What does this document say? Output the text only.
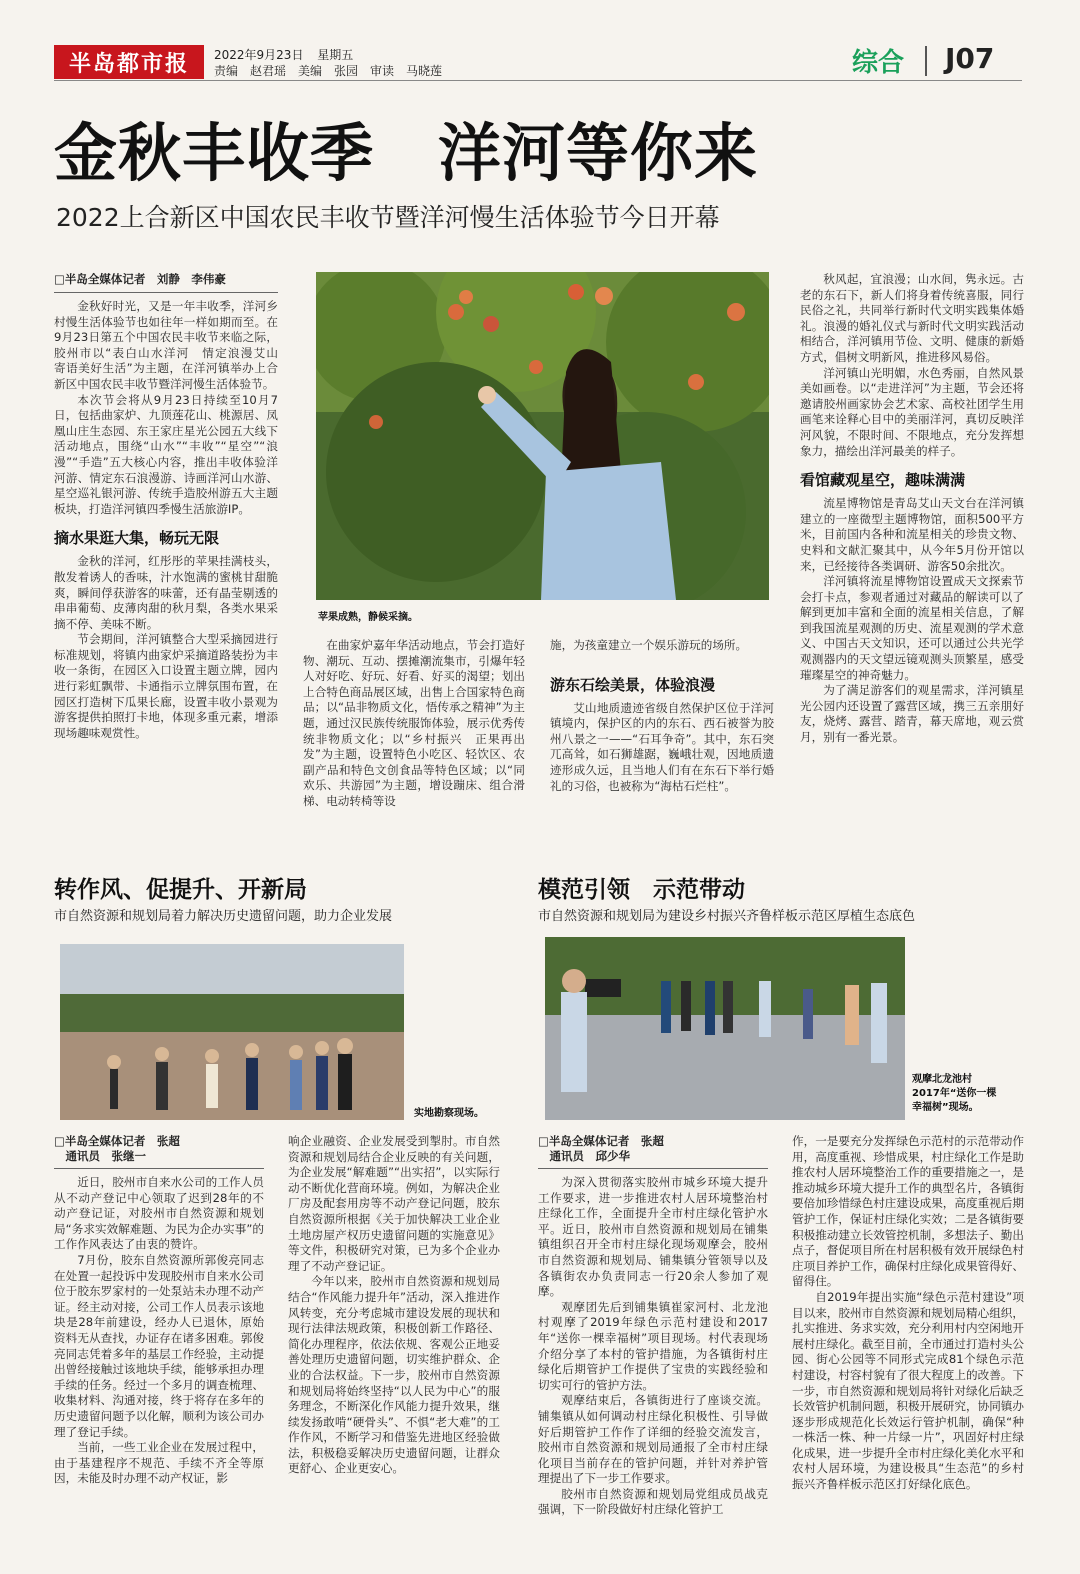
半岛都市报 2022年9月23日 星期五
责编　赵君瑶　美编　张园　审读　马晓莲	综合 J07
金秋丰收季　洋河等你来
2022上合新区中国农民丰收节暨洋河慢生活体验节今日开幕
苹果成熟，静候采摘。

□半岛全媒体记者　刘静　李伟豪

金秋好时光，又是一年丰收季，洋河乡村慢生活体验节也如往年一样如期而至。在9月23日第五个中国农民丰收节来临之际，胶州市以“表白山水洋河　情定浪漫艾山　寄语美好生活”为主题，在洋河镇举办上合新区中国农民丰收节暨洋河慢生活体验节。

本次节会将从9月23日持续至10月7日，包括曲家炉、九顶莲花山、桃源居、凤凰山庄生态园、东王家庄星光公园五大线下活动地点，围绕“山水”“丰收”“星空”“浪漫”“手造”五大核心内容，推出丰收体验洋河游、情定东石浪漫游、诗画洋河山水游、星空巡礼银河游、传统手造胶州游五大主题板块，打造洋河镇四季慢生活旅游IP。

摘水果逛大集，畅玩无限

金秋的洋河，红彤彤的苹果挂满枝头，散发着诱人的香味，汁水饱满的蜜桃甘甜脆爽，瞬间俘获游客的味蕾，还有晶莹剔透的串串葡萄、皮薄肉甜的秋月梨，各类水果采摘不停、美味不断。

节会期间，洋河镇整合大型采摘园进行标准规划，将镇内曲家炉采摘道路装扮为丰收一条街，在园区入口设置主题立牌，园内进行彩虹飘带、卡通指示立牌氛围布置，在园区打造树下瓜果长廊，设置丰收小景观为游客提供拍照打卡地，体现多重元素，增添现场趣味观赏性。

在曲家炉嘉年华活动地点，节会打造好物、潮玩、互动、摆摊潮流集市，引爆年轻人对好吃、好玩、好看、好买的渴望；划出上合特色商品展区域，出售上合国家特色商品；以“品非物质文化，悟传承之精神”为主题，通过汉民族传统服饰体验，展示优秀传统非物质文化；以“乡村振兴　正果再出发”为主题，设置特色小吃区、轻饮区、农副产品和特色文创食品等特色区域；以“同欢乐、共游园”为主题，增设蹦床、组合滑梯、电动转椅等设

施，为孩童建立一个娱乐游玩的场所。

游东石绘美景，体验浪漫

艾山地质遗迹省级自然保护区位于洋河镇境内，保护区的内的东石、西石被誉为胶州八景之一——“石耳争奇”。其中，东石突兀高耸，如石狮雄踞，巍峨壮观，因地质遗迹形成久远，且当地人们有在东石下举行婚礼的习俗，也被称为“海枯石烂柱”。

秋风起，宜浪漫；山水间，隽永远。古老的东石下，新人们将身着传统喜服，同行民俗之礼，共同举行新时代文明实践集体婚礼。浪漫的婚礼仪式与新时代文明实践活动相结合，洋河镇用节俭、文明、健康的新婚方式，倡树文明新风，推进移风易俗。

洋河镇山光明媚，水色秀丽，自然风景美如画卷。以“走进洋河”为主题，节会还将邀请胶州画家协会艺术家、高校社团学生用画笔来诠释心目中的美丽洋河，真切反映洋河风貌，不限时间、不限地点，充分发挥想象力，描绘出洋河最美的样子。

看馆藏观星空，趣味满满

流星博物馆是青岛艾山天文台在洋河镇建立的一座微型主题博物馆，面积500平方米，目前国内各种和流星相关的珍贵文物、史料和文献汇聚其中，从今年5月份开馆以来，已经接待各类调研、游客50余批次。

洋河镇将流星博物馆设置成天文探索节会打卡点，参观者通过对藏品的解读可以了解到更加丰富和全面的流星相关信息，了解到我国流星观测的历史、流星观测的学术意义、中国古天文知识，还可以通过公共光学观测器内的天文望远镜观测头顶繁星，感受璀璨星空的神奇魅力。

为了满足游客们的观星需求，洋河镇星光公园内还设置了露营区域，携三五亲朋好友，烧烤、露营、踏青，幕天席地，观云赏月，别有一番光景。

转作风、促提升、开新局
市自然资源和规划局着力解决历史遗留问题，助力企业发展
实地勘察现场。

□半岛全媒体记者　张超
通讯员　张继一

近日，胶州市自来水公司的工作人员从不动产登记中心领取了迟到28年的不动产登记证，对胶州市自然资源和规划局“务求实效解难题、为民为企办实事”的工作作风表达了由衷的赞许。

7月份，胶东自然资源所郭俊亮同志在处置一起投诉中发现胶州市自来水公司位于胶东罗家村的一处泵站未办理不动产证。经主动对接，公司工作人员表示该地块是28年前建设，经办人已退休，原始资料无从查找，办证存在诸多困难。郭俊亮同志凭着多年的基层工作经验，主动提出曾经接触过该地块手续，能够承担办理手续的任务。经过一个多月的调查梳理、收集材料、沟通对接，终于将存在多年的历史遗留问题予以化解，顺利为该公司办理了登记手续。

当前，一些工业企业在发展过程中，由于基建程序不规范、手续不齐全等原因，未能及时办理不动产权证，影

响企业融资、企业发展受到掣肘。市自然资源和规划局结合企业反映的有关问题，为企业发展“解难题”“出实招”，以实际行动不断优化营商环境。例如，为解决企业厂房及配套用房等不动产登记问题，胶东自然资源所根据《关于加快解决工业企业土地房屋产权历史遗留问题的实施意见》等文件，积极研究对策，已为多个企业办理了不动产登记证。

今年以来，胶州市自然资源和规划局结合“作风能力提升年”活动，深入推进作风转变，充分考虑城市建设发展的现状和现行法律法规政策，积极创新工作路径、简化办理程序，依法依规、客观公正地妥善处理历史遗留问题，切实维护群众、企业的合法权益。下一步，胶州市自然资源和规划局将始终坚持“以人民为中心”的服务理念，不断深化作风能力提升效果，继续发扬敢啃“硬骨头”、不惧“老大难”的工作作风，不断学习和借鉴先进地区经验做法，积极稳妥解决历史遗留问题，让群众更舒心、企业更安心。

模范引领　示范带动
市自然资源和规划局为建设乡村振兴齐鲁样板示范区厚植生态底色
观摩北龙池村
2017年“送你一棵
幸福树”现场。

□半岛全媒体记者　张超
通讯员　邱少华

为深入贯彻落实胶州市城乡环境大提升工作要求，进一步推进农村人居环境整治村庄绿化工作，全面提升全市村庄绿化管护水平。近日，胶州市自然资源和规划局在铺集镇组织召开全市村庄绿化现场观摩会，胶州市自然资源和规划局、铺集镇分管领导以及各镇街农办负责同志一行20余人参加了观摩。

观摩团先后到铺集镇崔家河村、北龙池村观摩了2019年绿色示范村建设和2017年“送你一棵幸福树”项目现场。村代表现场介绍分享了本村的管护措施，为各镇街村庄绿化后期管护工作提供了宝贵的实践经验和切实可行的管护方法。

观摩结束后，各镇街进行了座谈交流。铺集镇从如何调动村庄绿化积极性、引导做好后期管护工作作了详细的经验交流发言，胶州市自然资源和规划局通报了全市村庄绿化项目当前存在的管护问题，并针对养护管理提出了下一步工作要求。

胶州市自然资源和规划局党组成员战克强调，下一阶段做好村庄绿化管护工

作，一是要充分发挥绿色示范村的示范带动作用，高度重视、珍惜成果，村庄绿化工作是助推农村人居环境整治工作的重要措施之一，是推动城乡环境大提升工作的典型名片，各镇街要倍加珍惜绿色村庄建设成果，高度重视后期管护工作，保证村庄绿化实效；二是各镇街要积极推动建立长效管控机制，多想法子、勤出点子，督促项目所在村居积极有效开展绿色村庄项目养护工作，确保村庄绿化成果管得好、留得住。

自2019年提出实施“绿色示范村建设”项目以来，胶州市自然资源和规划局精心组织，扎实推进、务求实效，充分利用村内空闲地开展村庄绿化。截至目前，全市通过打造村头公园、街心公园等不同形式完成81个绿色示范村建设，村容村貌有了很大程度上的改善。下一步，市自然资源和规划局将针对绿化后缺乏长效管护机制问题，积极开展研究，协同镇办逐步形成规范化长效运行管护机制，确保“种一株活一株、种一片绿一片”，巩固好村庄绿化成果，进一步提升全市村庄绿化美化水平和农村人居环境，为建设极具“生态范”的乡村振兴齐鲁样板示范区打好绿化底色。
